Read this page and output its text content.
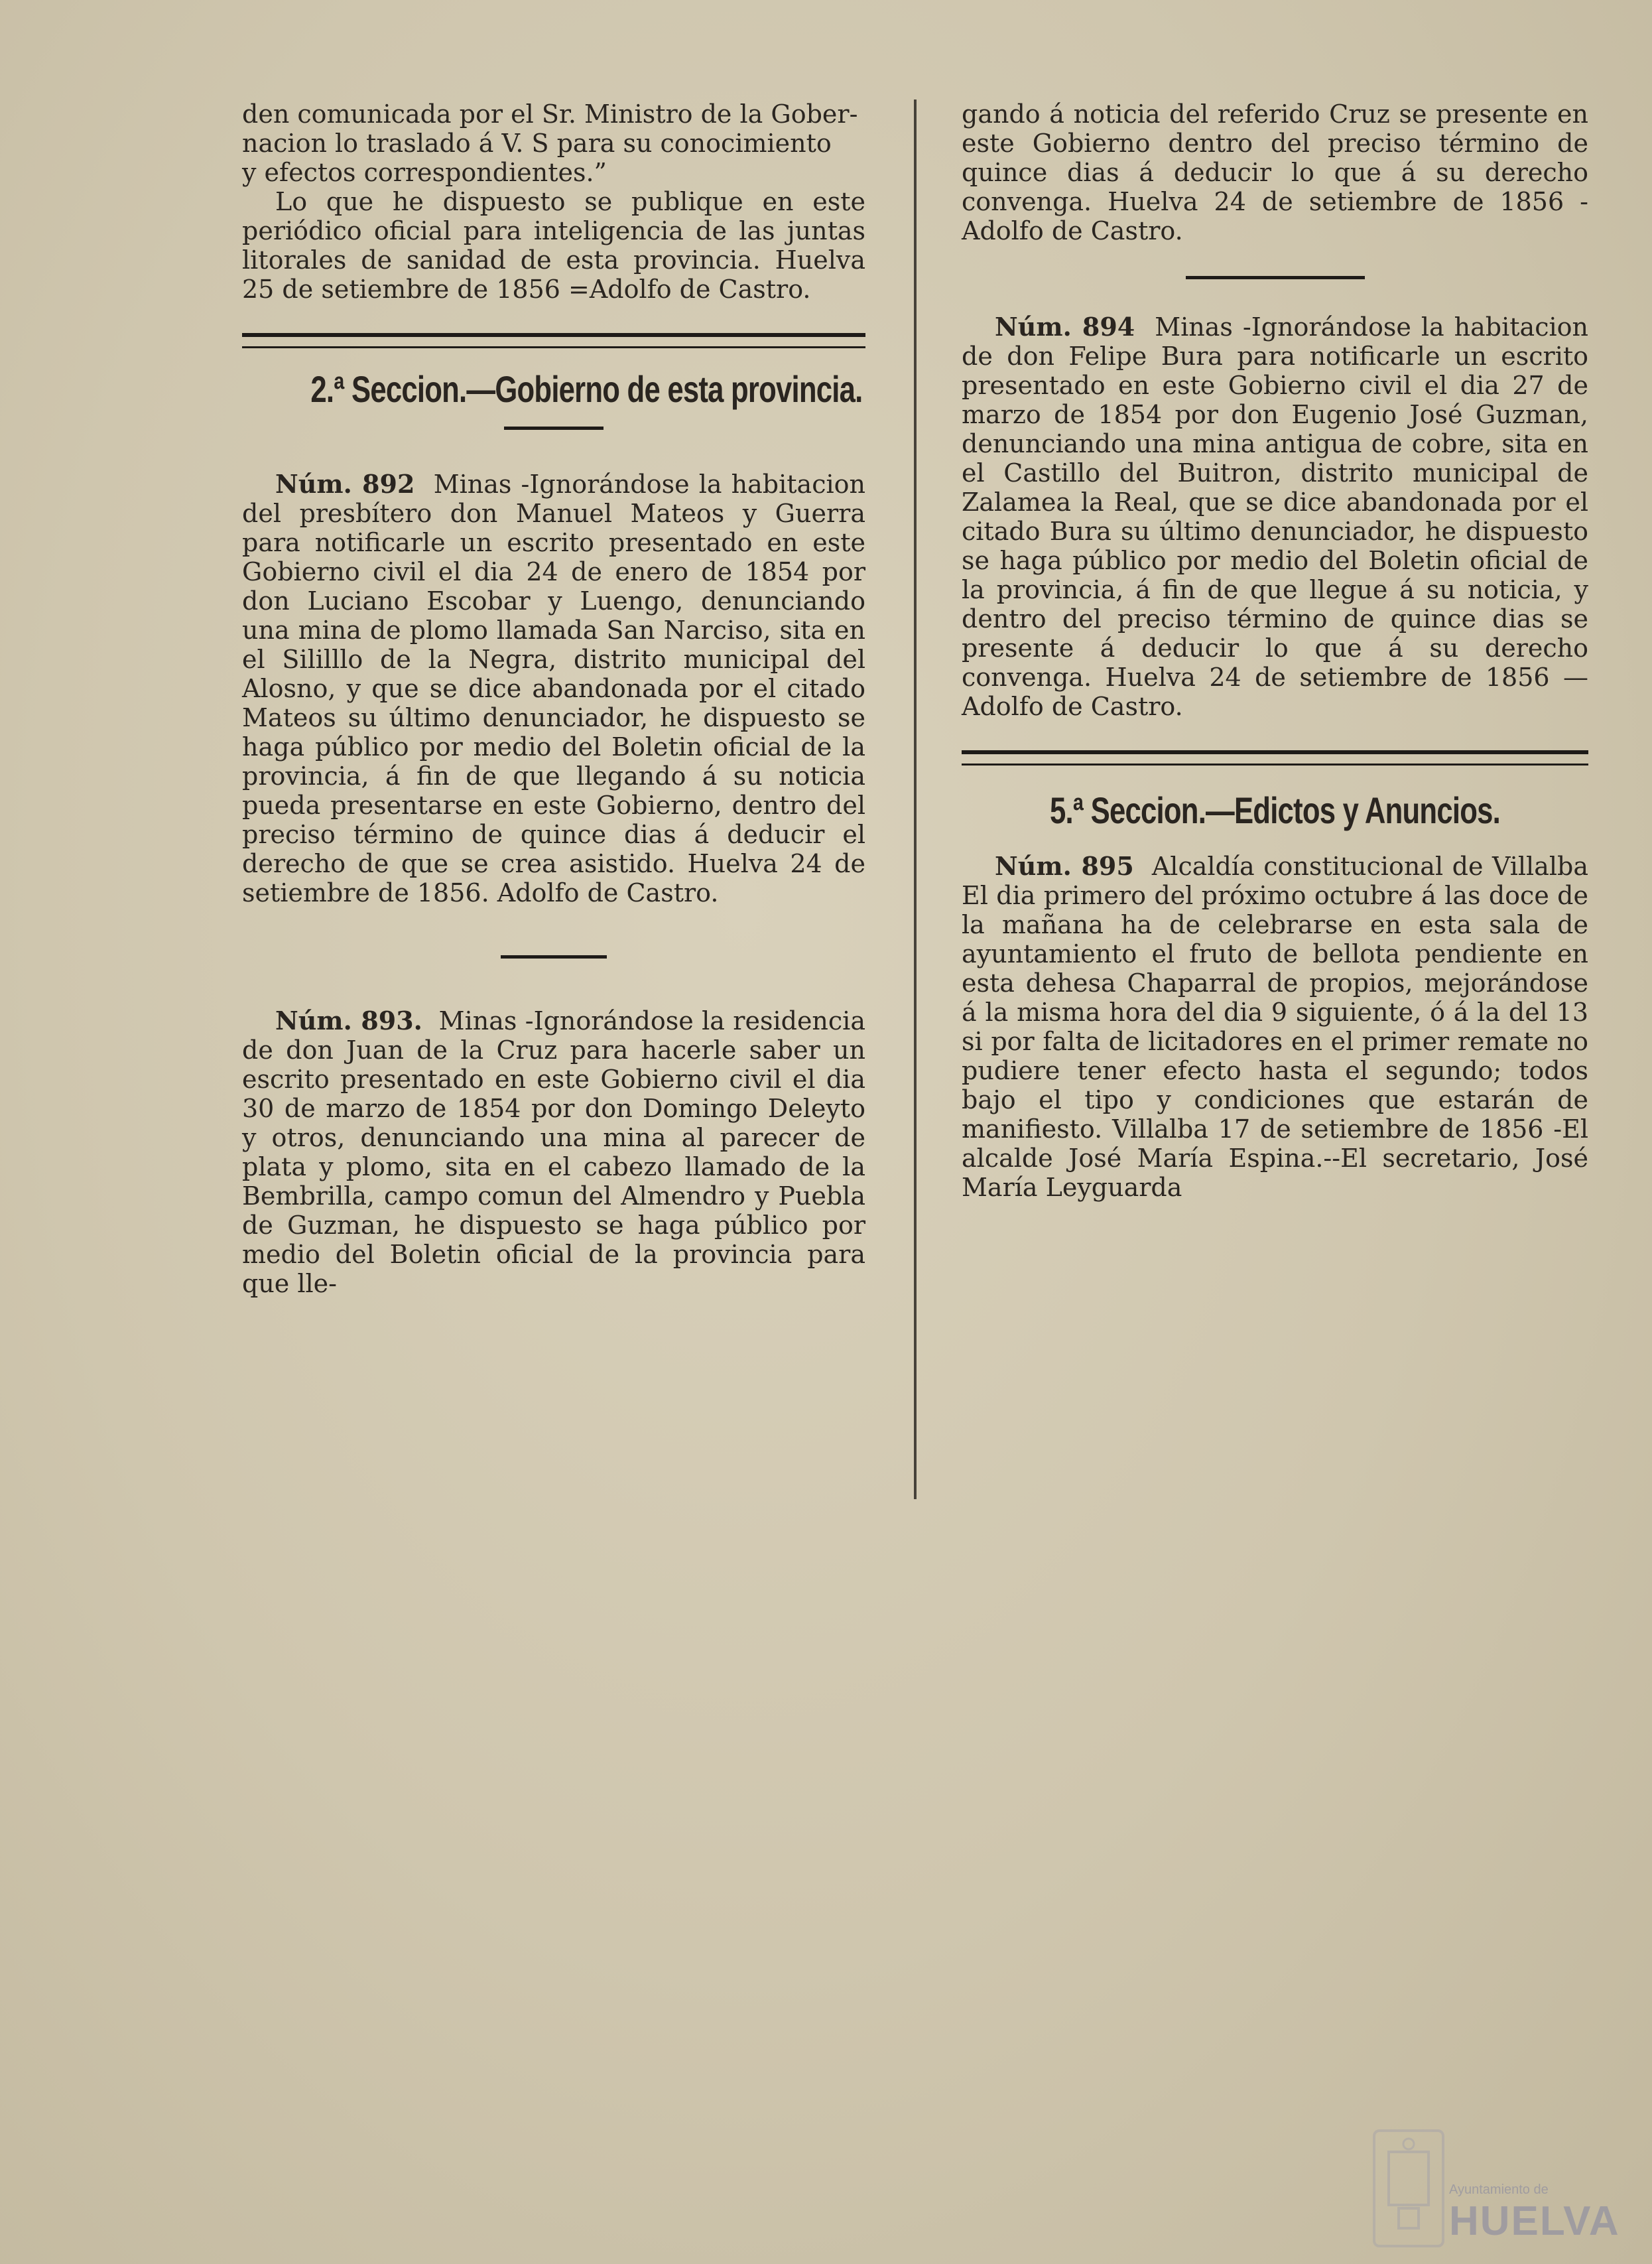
den comunicada por el Sr. Ministro de la Gober-

nacion lo traslado á V. S para su conocimiento

y efectos correspondientes.”

Lo que he dispuesto se publique en este periódico oficial para inteligencia de las juntas litorales de sanidad de esta provincia. Huelva 25 de setiembre de 1856 =Adolfo de Castro.

2.ª Seccion.—Gobierno de esta provincia.

Núm. 892 Minas -Ignorándose la habitacion del presbítero don Manuel Mateos y Guerra para notificarle un escrito presentado en este Gobierno civil el dia 24 de enero de 1854 por don Luciano Escobar y Luengo, denunciando una mina de plomo llamada San Narciso, sita en el Sililllo de la Negra, distrito municipal del Alosno, y que se dice abandonada por el citado Mateos su último denunciador, he dispuesto se haga público por medio del Boletin oficial de la provincia, á fin de que llegando á su noticia pueda presentarse en este Gobierno, dentro del preciso término de quince dias á deducir el derecho de que se crea asistido. Huelva 24 de setiembre de 1856. Adolfo de Castro.

Núm. 893. Minas -Ignorándose la residencia de don Juan de la Cruz para hacerle saber un escrito presentado en este Gobierno civil el dia 30 de marzo de 1854 por don Domingo Deleyto y otros, denunciando una mina al parecer de plata y plomo, sita en el cabezo llamado de la Bembrilla, campo comun del Almendro y Puebla de Guzman, he dispuesto se haga público por medio del Boletin oficial de la provincia para que lle-

gando á noticia del referido Cruz se presente en este Gobierno dentro del preciso término de quince dias á deducir lo que á su derecho convenga. Huelva 24 de setiembre de 1856 -Adolfo de Castro.

Núm. 894 Minas -Ignorándose la habitacion de don Felipe Bura para notificarle un escrito presentado en este Gobierno civil el dia 27 de marzo de 1854 por don Eugenio José Guzman, denunciando una mina antigua de cobre, sita en el Castillo del Buitron, distrito municipal de Zalamea la Real, que se dice abandonada por el citado Bura su último denunciador, he dispuesto se haga público por medio del Boletin oficial de la provincia, á fin de que llegue á su noticia, y dentro del preciso término de quince dias se presente á deducir lo que á su derecho convenga. Huelva 24 de setiembre de 1856 —Adolfo de Castro.

5.ª Seccion.—Edictos y Anuncios.

Núm. 895 Alcaldía constitucional de Villalba El dia primero del próximo octubre á las doce de la mañana ha de celebrarse en esta sala de ayuntamiento el fruto de bellota pendiente en esta dehesa Chaparral de propios, mejorándose á la misma hora del dia 9 siguiente, ó á la del 13 si por falta de licitadores en el primer remate no pudiere tener efecto hasta el segundo; todos bajo el tipo y condiciones que estarán de manifiesto. Villalba 17 de setiembre de 1856 -El alcalde José María Espina.--El secretario, José María Leyguarda

Ayuntamiento de
HUELVA
